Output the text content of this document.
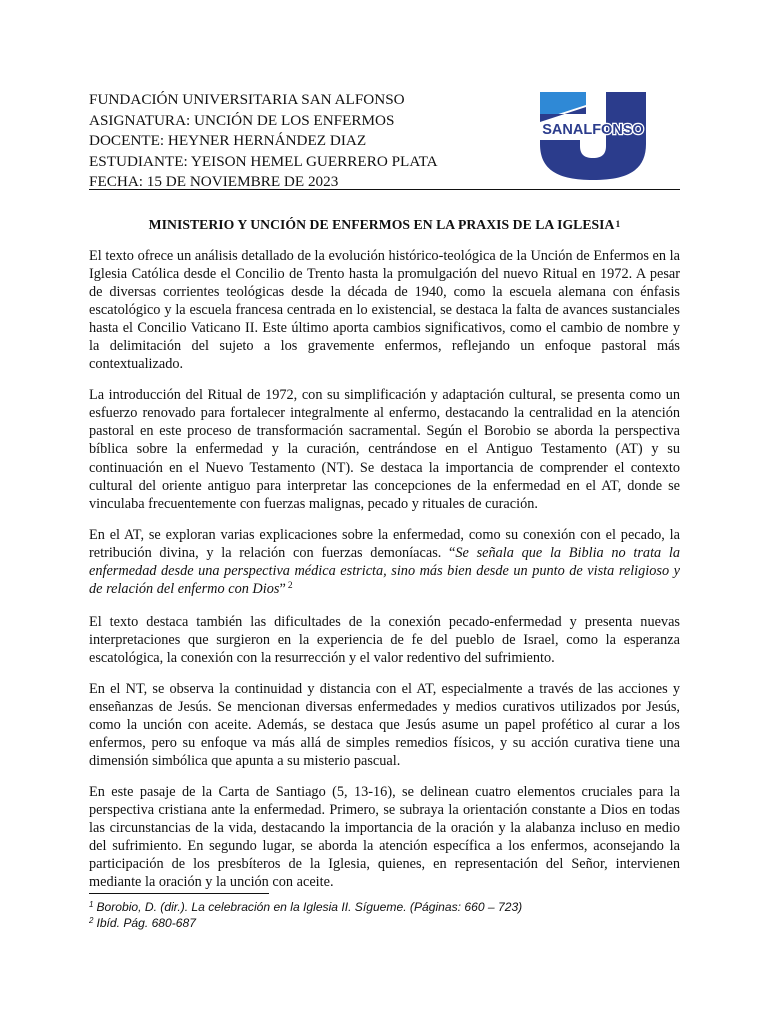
FUNDACIÓN UNIVERSITARIA SAN ALFONSO
ASIGNATURA: UNCIÓN DE LOS ENFERMOS
DOCENTE: HEYNER HERNÁNDEZ DIAZ
ESTUDIANTE: YEISON HEMEL GUERRERO PLATA
FECHA: 15 DE NOVIEMBRE DE 2023
SANALFONSO
MINISTERIO Y UNCIÓN DE ENFERMOS EN LA PRAXIS DE LA IGLESIA$^1$

El texto ofrece un análisis detallado de la evolución histórico-teológica de la Unción de Enfermos en la Iglesia Católica desde el Concilio de Trento hasta la promulgación del nuevo Ritual en 1972. A pesar de diversas corrientes teológicas desde la década de 1940, como la escuela alemana con énfasis escatológico y la escuela francesa centrada en lo existencial, se destaca la falta de avances sustanciales hasta el Concilio Vaticano II. Este último aporta cambios significativos, como el cambio de nombre y la delimitación del sujeto a los gravemente enfermos, reflejando un enfoque pastoral más contextualizado.

La introducción del Ritual de 1972, con su simplificación y adaptación cultural, se presenta como un esfuerzo renovado para fortalecer integralmente al enfermo, destacando la centralidad en la atención pastoral en este proceso de transformación sacramental. Según el Borobio se aborda la perspectiva bíblica sobre la enfermedad y la curación, centrándose en el Antiguo Testamento (AT) y su continuación en el Nuevo Testamento (NT). Se destaca la importancia de comprender el contexto cultural del oriente antiguo para interpretar las concepciones de la enfermedad en el AT, donde se vinculaba frecuentemente con fuerzas malignas, pecado y rituales de curación.

En el AT, se exploran varias explicaciones sobre la enfermedad, como su conexión con el pecado, la retribución divina, y la relación con fuerzas demoníacas. “Se señala que la Biblia no trata la enfermedad desde una perspectiva médica estricta, sino más bien desde un punto de vista religioso y de relación del enfermo con Dios” $^2$

El texto destaca también las dificultades de la conexión pecado-enfermedad y presenta nuevas interpretaciones que surgieron en la experiencia de fe del pueblo de Israel, como la esperanza escatológica, la conexión con la resurrección y el valor redentivo del sufrimiento.

En el NT, se observa la continuidad y distancia con el AT, especialmente a través de las acciones y enseñanzas de Jesús. Se mencionan diversas enfermedades y medios curativos utilizados por Jesús, como la unción con aceite. Además, se destaca que Jesús asume un papel profético al curar a los enfermos, pero su enfoque va más allá de simples remedios físicos, y su acción curativa tiene una dimensión simbólica que apunta a su misterio pascual.

En este pasaje de la Carta de Santiago (5, 13-16), se delinean cuatro elementos cruciales para la perspectiva cristiana ante la enfermedad. Primero, se subraya la orientación constante a Dios en todas las circunstancias de la vida, destacando la importancia de la oración y la alabanza incluso en medio del sufrimiento. En segundo lugar, se aborda la atención específica a los enfermos, aconsejando la participación de los presbíteros de la Iglesia, quienes, en representación del Señor, intervienen mediante la oración y la unción con aceite.

$^1$ Borobio, D. (dir.). La celebración en la Iglesia II. Sígueme. (Páginas: 660 – 723)
$^2$ Ibíd. Pág. 680-687
